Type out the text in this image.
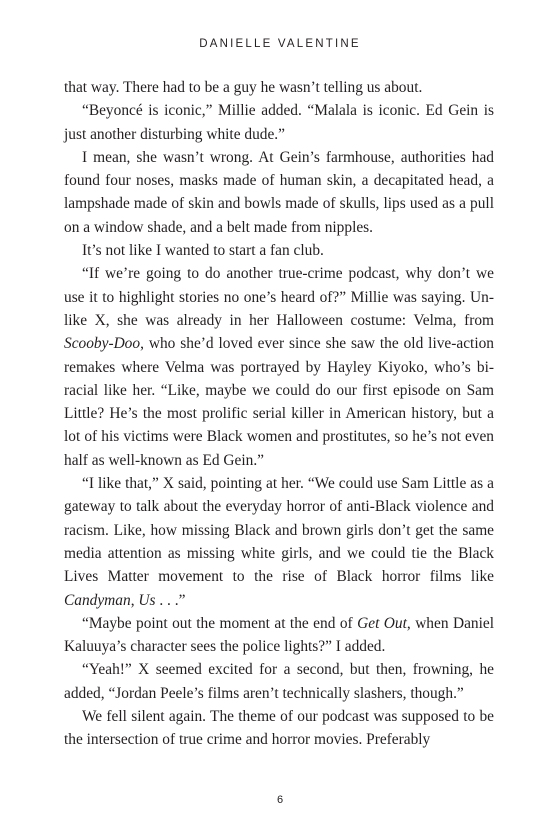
DANIELLE VALENTINE

that way. There had to be a guy he wasn’t telling us about.

“Beyoncé is iconic,” Millie added. “Malala is iconic. Ed Gein is just another disturbing white dude.”

I mean, she wasn’t wrong. At Gein’s farmhouse, authorities had found four noses, masks made of human skin, a decapitated head, a lampshade made of skin and bowls made of skulls, lips used as a pull on a window shade, and a belt made from nipples.

It’s not like I wanted to start a fan club.

“If we’re going to do another true-crime podcast, why don’t we use it to highlight stories no one’s heard of?” Millie was saying. Unlike X, she was already in her Halloween costume: Velma, from Scooby-Doo, who she’d loved ever since she saw the old live-action remakes where Velma was portrayed by Hayley Kiyoko, who’s biracial like her. “Like, maybe we could do our first episode on Sam Little? He’s the most prolific serial killer in American history, but a lot of his victims were Black women and prostitutes, so he’s not even half as well-known as Ed Gein.”

“I like that,” X said, pointing at her. “We could use Sam Little as a gateway to talk about the everyday horror of anti-Black violence and racism. Like, how missing Black and brown girls don’t get the same media attention as missing white girls, and we could tie the Black Lives Matter movement to the rise of Black horror films like Candyman, Us . . .”

“Maybe point out the moment at the end of Get Out, when Daniel Kaluuya’s character sees the police lights?” I added.

“Yeah!” X seemed excited for a second, but then, frowning, he added, “Jordan Peele’s films aren’t technically slashers, though.”

We fell silent again. The theme of our podcast was supposed to be the intersection of true crime and horror movies. Preferably

6
